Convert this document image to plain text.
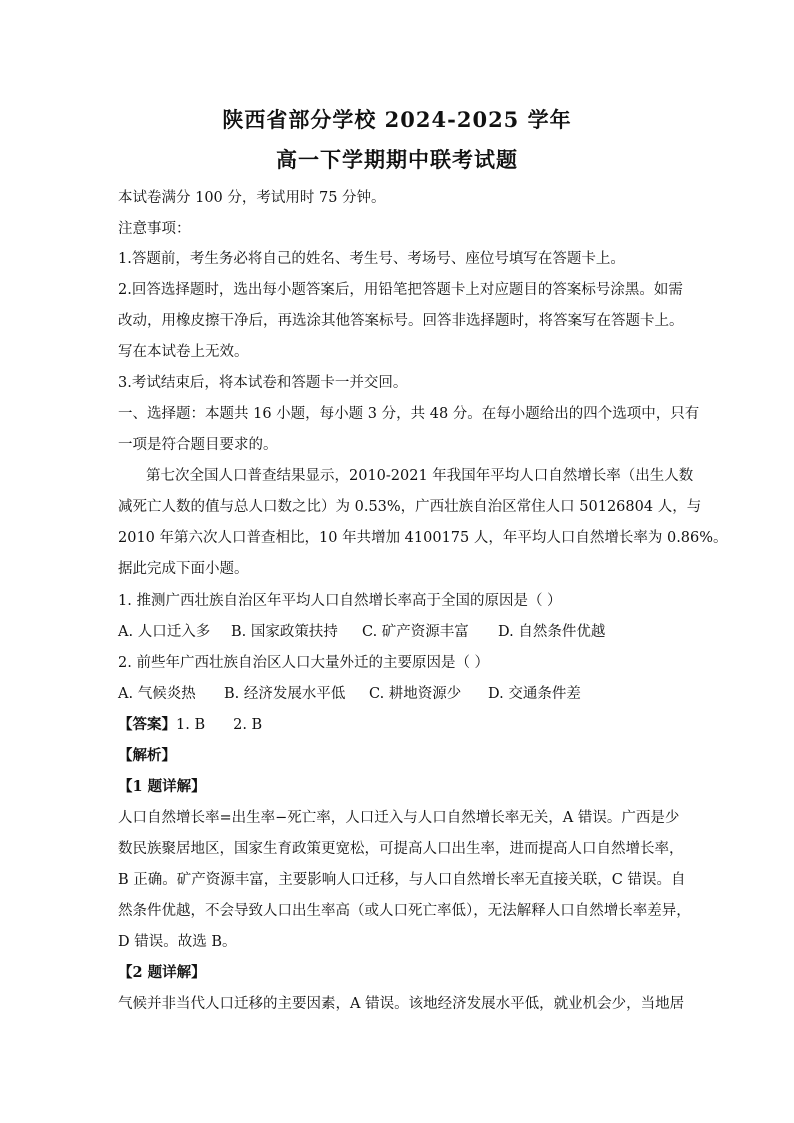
陕西省部分学校 2024-2025 学年
高一下学期期中联考试题
本试卷满分 100 分，考试用时 75 分钟。
注意事项：
1.答题前，考生务必将自己的姓名、考生号、考场号、座位号填写在答题卡上。
2.回答选择题时，选出每小题答案后，用铅笔把答题卡上对应题目的答案标号涂黑。如需
改动，用橡皮擦干净后，再选涂其他答案标号。回答非选择题时，将答案写在答题卡上。
写在本试卷上无效。
3.考试结束后，将本试卷和答题卡一并交回。
一、选择题：本题共 16 小题，每小题 3 分，共 48 分。在每小题给出的四个选项中，只有
一项是符合题目要求的。
第七次全国人口普查结果显示，2010-2021 年我国年平均人口自然增长率（出生人数
减死亡人数的值与总人口数之比）为 0.53%，广西壮族自治区常住人口 50126804 人，与
2010 年第六次人口普查相比，10 年共增加 4100175 人，年平均人口自然增长率为 0.86%。
据此完成下面小题。
1. 推测广西壮族自治区年平均人口自然增长率高于全国的原因是（ ）
A. 人口迁入多 B. 国家政策扶持 C. 矿产资源丰富 D. 自然条件优越
2. 前些年广西壮族自治区人口大量外迁的主要原因是（ ）
A. 气候炎热 B. 经济发展水平低 C. 耕地资源少 D. 交通条件差
【答案】1. B 2. B
【解析】
【1 题详解】
人口自然增长率=出生率−死亡率，人口迁入与人口自然增长率无关，A 错误。广西是少
数民族聚居地区，国家生育政策更宽松，可提高人口出生率，进而提高人口自然增长率，
B 正确。矿产资源丰富，主要影响人口迁移，与人口自然增长率无直接关联，C 错误。自
然条件优越，不会导致人口出生率高（或人口死亡率低），无法解释人口自然增长率差异，
D 错误。故选 B。
【2 题详解】
气候并非当代人口迁移的主要因素，A 错误。该地经济发展水平低，就业机会少，当地居
